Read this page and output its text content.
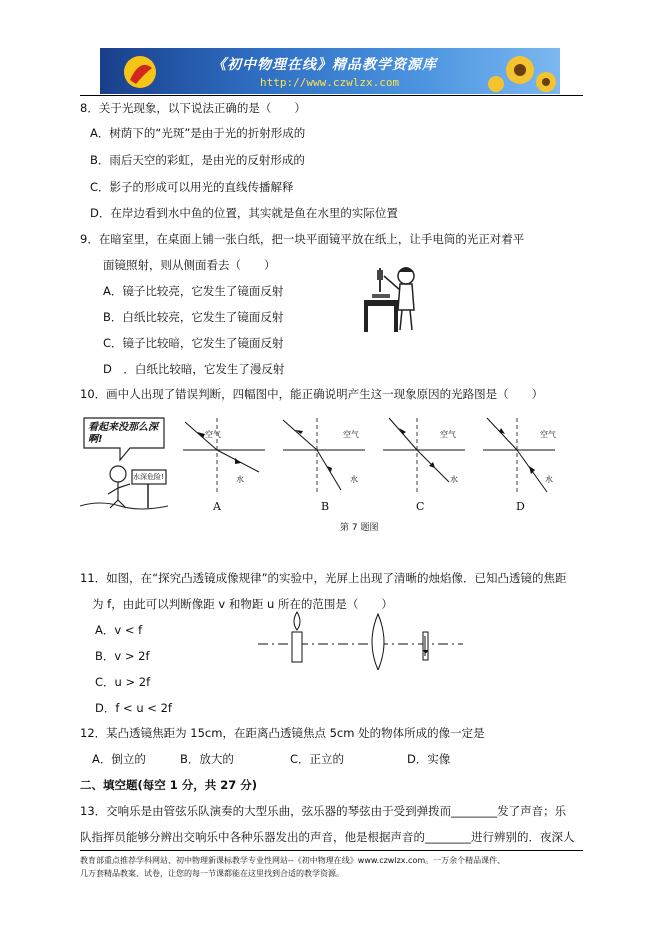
《初中物理在线》精品教学资源库
http://www.czwlzx.com
8．关于光现象，以下说法正确的是（　　）
A．树荫下的“光斑”是由于光的折射形成的
B．雨后天空的彩虹，是由光的反射形成的
C．影子的形成可以用光的直线传播解释
D．在岸边看到水中鱼的位置，其实就是鱼在水里的实际位置
9．在暗室里，在桌面上铺一张白纸，把一块平面镜平放在纸上，让手电筒的光正对着平
面镜照射，则从侧面看去（　　）
A．镜子比较亮，它发生了镜面反射
B．白纸比较亮，它发生了镜面反射
C．镜子比较暗，它发生了镜面反射
D　．白纸比较暗，它发生了漫反射
10．画中人出现了错误判断，四幅图中，能正确说明产生这一现象原因的光路图是（　　）
看起来没那么深啊!
水深危险!
空气
水
空气
水
空气
水
空气
水
A	B	C	D
第 7 题图
11．如图，在“探究凸透镜成像规律”的实验中，光屏上出现了清晰的烛焰像．已知凸透镜的焦距
为 f，由此可以判断像距 v 和物距 u 所在的范围是（　　）
A．v < f
B．v > 2f
C．u > 2f
D．f < u < 2f
12．某凸透镜焦距为 15cm，在距离凸透镜焦点 5cm 处的物体所成的像一定是
A．倒立的	B．放大的	C．正立的	D．实像
二、填空题(每空 1 分，共 27 分)
13．交响乐是由管弦乐队演奏的大型乐曲，弦乐器的琴弦由于受到弹拨而________发了声音；乐
队指挥员能够分辨出交响乐中各种乐器发出的声音，他是根据声音的________进行辨别的．夜深人
教育部重点推荐学科网站、初中物理新课标教学专业性网站--《初中物理在线》www.czwlzx.com。一万余个精品课件、
几万套精品教案、试卷，让您的每一节课都能在这里找到合适的教学资源。
